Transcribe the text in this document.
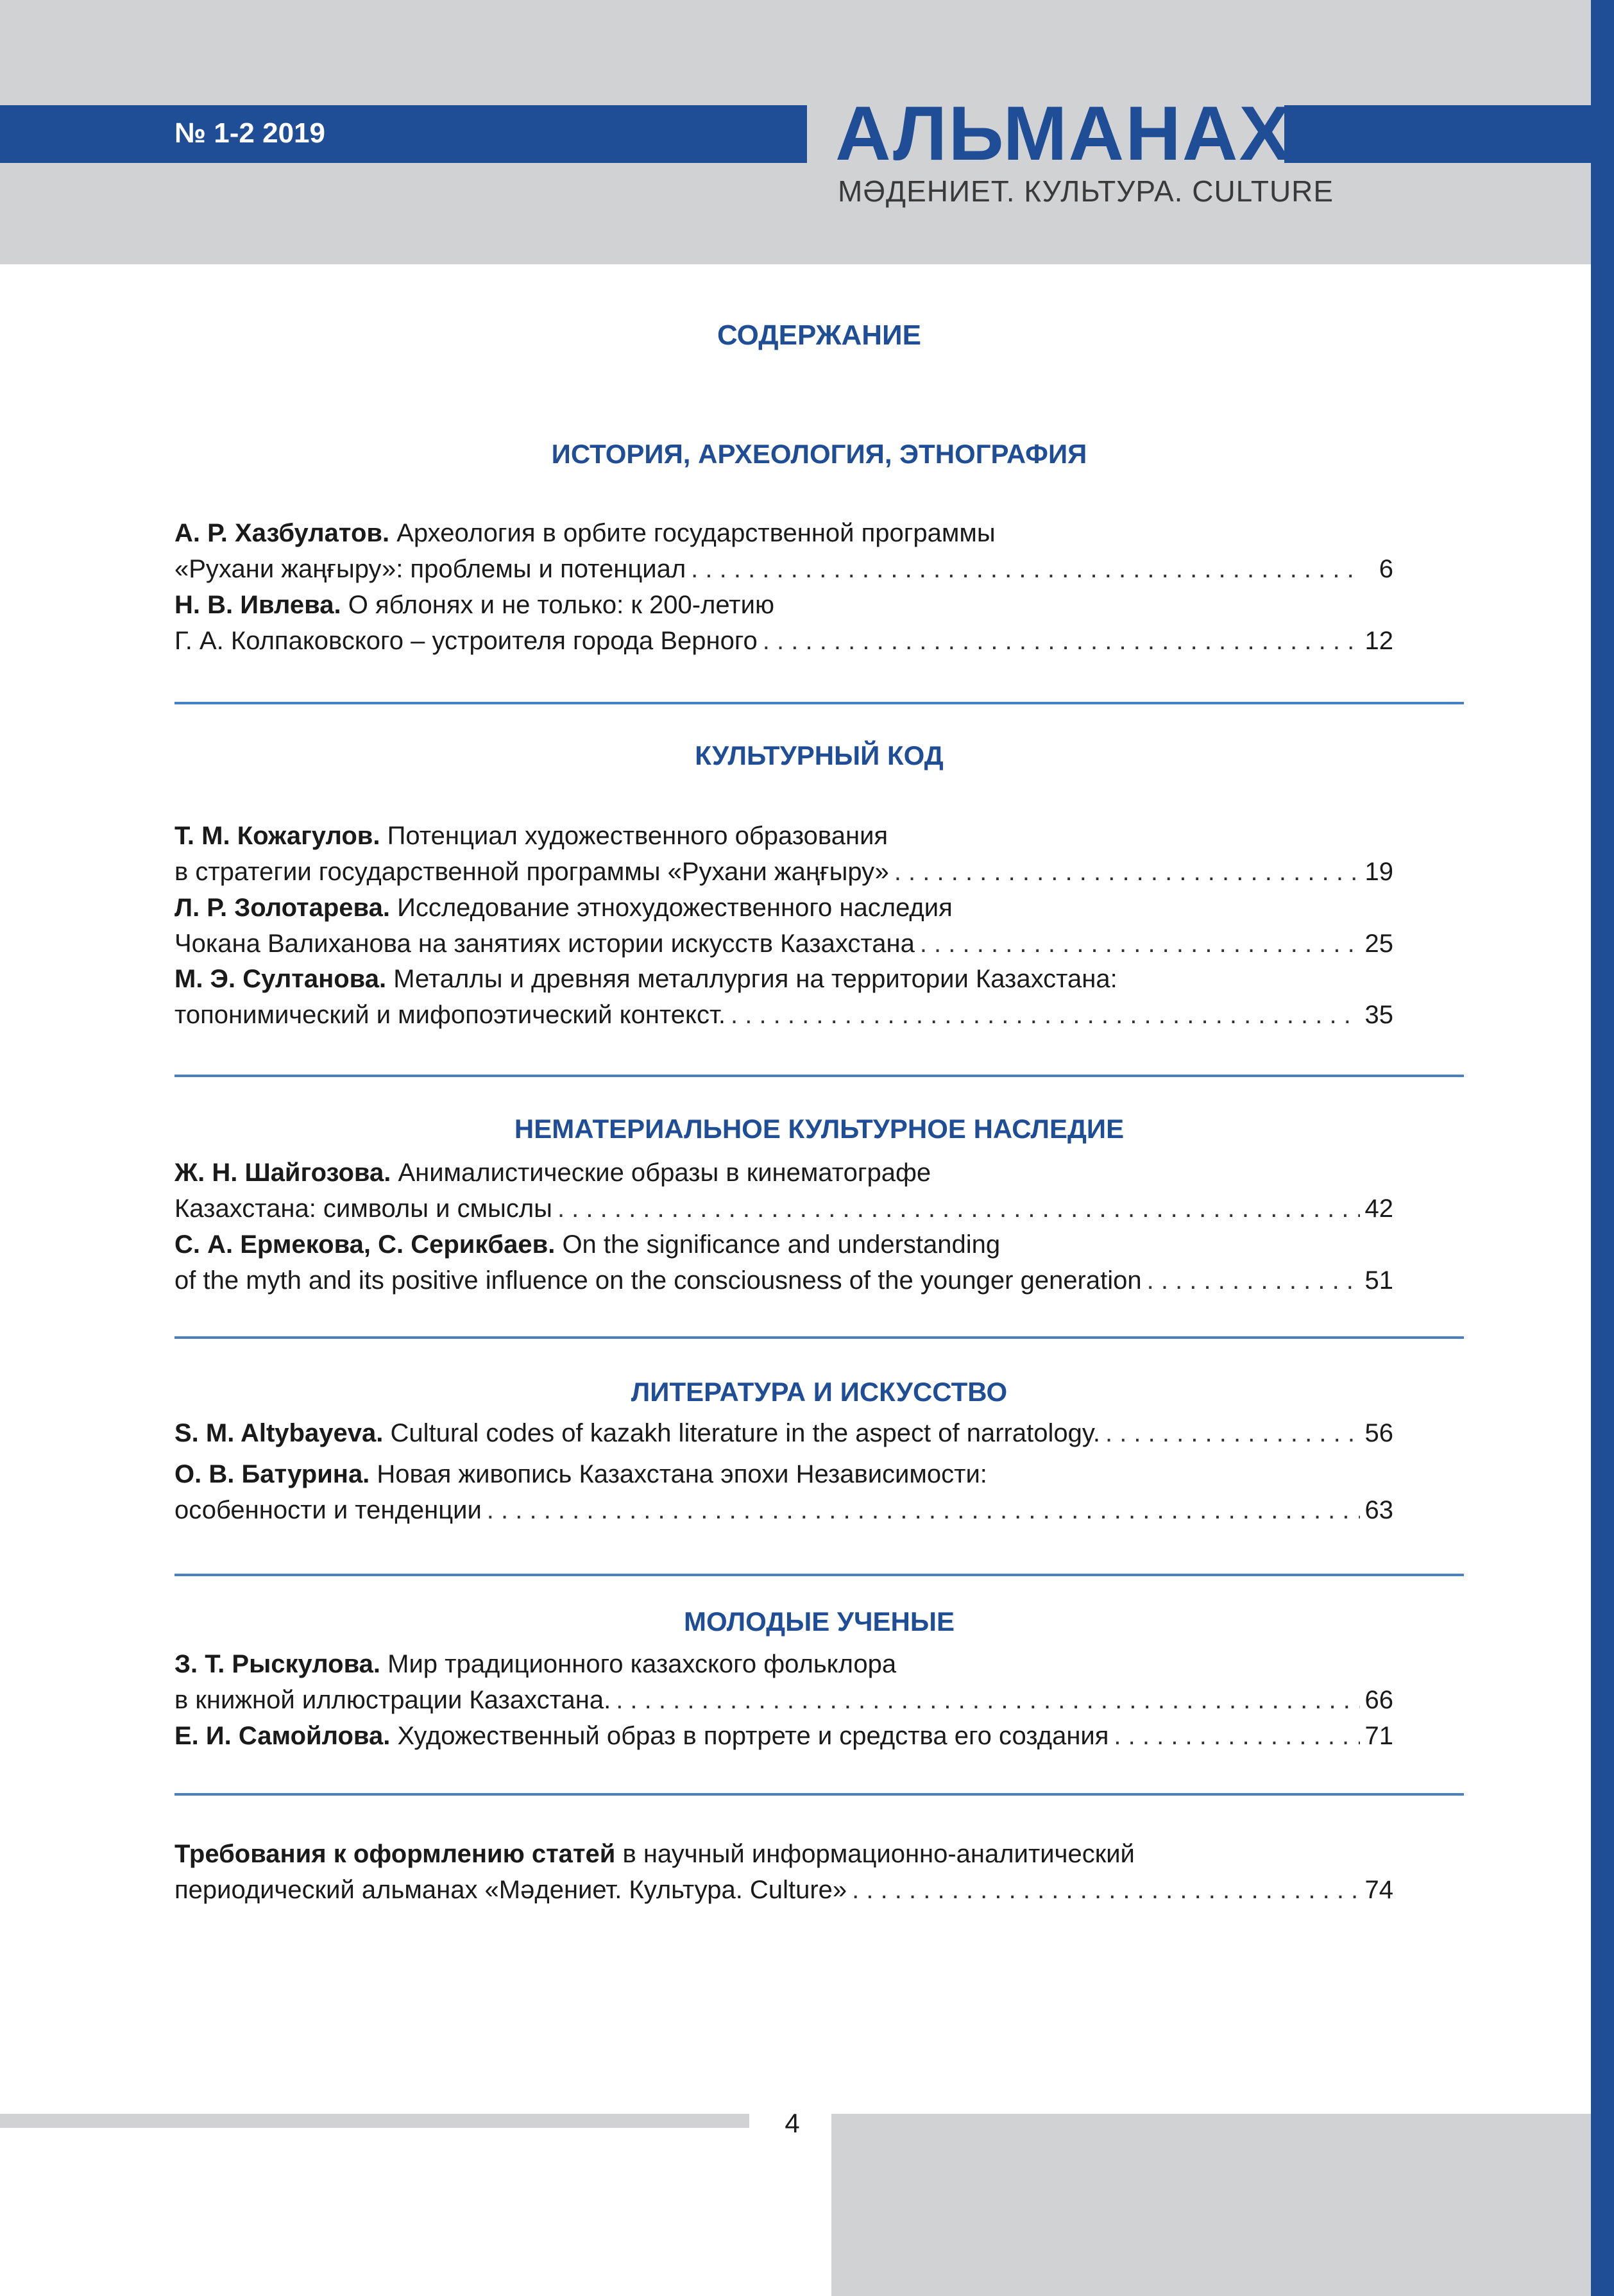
№ 1-2 2019	АЛЬМАНАХ
МӘДЕНИЕТ. КУЛЬТУРА. CULTURE
СОДЕРЖАНИЕ
ИСТОРИЯ, АРХЕОЛОГИЯ, ЭТНОГРАФИЯ
А. Р. Хазбулатов. Археология в орбите государственной программы
«Рухани жаңғыру»: проблемы и потенциал . . .	6
Н. В. Ивлева. О яблонях и не только: к 200-летию
Г. А. Колпаковского – устроителя города Верного . . .	12
КУЛЬТУРНЫЙ КОД
Т. М. Кожагулов. Потенциал художественного образования
в стратегии государственной программы «Рухани жаңғыру» . . .	19
Л. Р. Золотарева. Исследование этнохудожественного наследия
Чокана Валиханова на занятиях истории искусств Казахстана . . .	25
М. Э. Султанова. Металлы и древняя металлургия на территории Казахстана:
топонимический и мифопоэтический контекст. . . .	35
НЕМАТЕРИАЛЬНОЕ КУЛЬТУРНОЕ НАСЛЕДИЕ
Ж. Н. Шайгозова. Анималистические образы в кинематографе
Казахстана: символы и смыслы . . .	42
С. А. Ермекова, С. Серикбаев. On the significance and understanding
of the myth and its positive influence on the consciousness of the younger generation . . .	51
ЛИТЕРАТУРА И ИСКУССТВО
S. M. Altybayeva.
Cultural codes of kazakh literature in the aspect of narratology. . . .	56
О. В. Батурина. Новая живопись Казахстана эпохи Независимости:
особенности и тенденции . . .	63
МОЛОДЫЕ УЧЕНЫЕ
З. Т. Рыскулова. Мир традиционного казахского фольклора
в книжной иллюстрации Казахстана. . . .	66
Е. И. Самойлова.
Художественный образ в портрете и средства его создания . . .	71
Требования к оформлению статей в научный информационно-аналитический
периодический альманах «Мәдениет. Культура. Culture» . . .	74
4
